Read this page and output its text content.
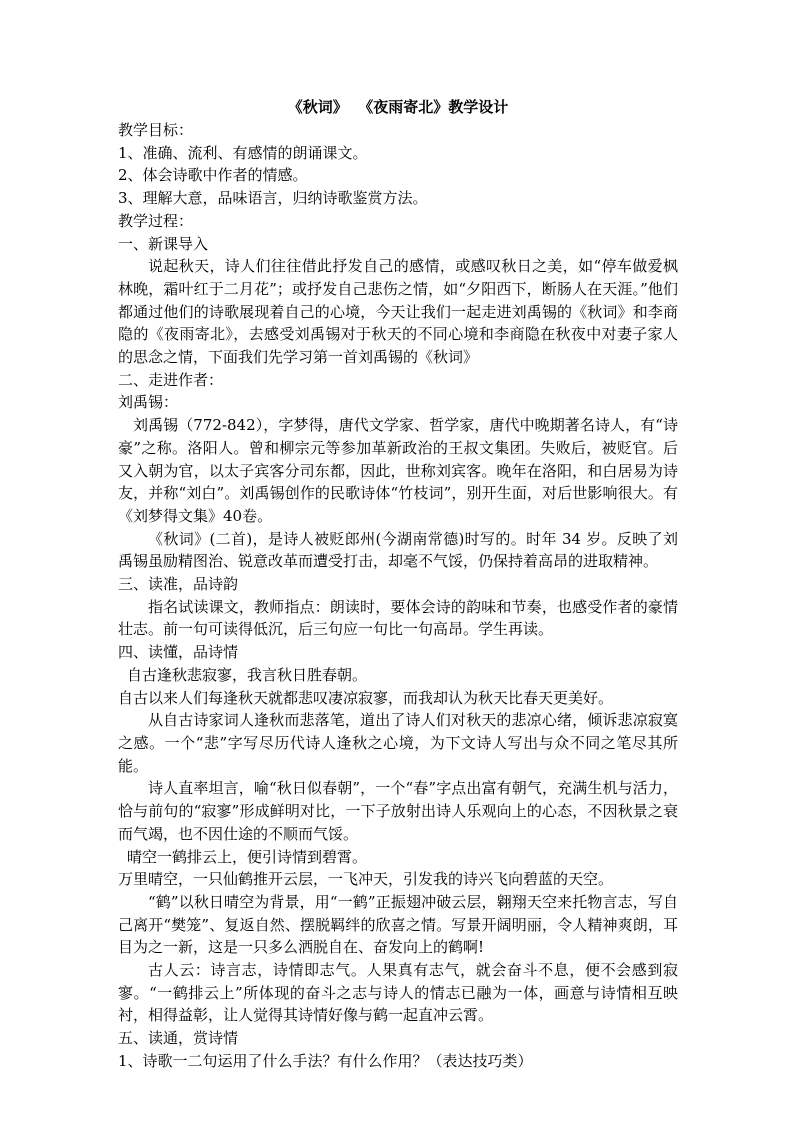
《秋词》  《夜雨寄北》教学设计
教学目标：
1、准确、流利、有感情的朗诵课文。
2、体会诗歌中作者的情感。
3、理解大意，品味语言，归纳诗歌鉴赏方法。
教学过程：
一、新课导入
说起秋天，诗人们往往借此抒发自己的感情，或感叹秋日之美，如“停车做爱枫林晚，霜叶红于二月花”；或抒发自己悲伤之情，如“夕阳西下，断肠人在天涯。”他们都通过他们的诗歌展现着自己的心境，今天让我们一起走进刘禹锡的《秋词》和李商隐的《夜雨寄北》，去感受刘禹锡对于秋天的不同心境和李商隐在秋夜中对妻子家人的思念之情，下面我们先学习第一首刘禹锡的《秋词》
二、走进作者：
刘禹锡：
刘禹锡（772-842），字梦得，唐代文学家、哲学家，唐代中晚期著名诗人，有“诗豪”之称。洛阳人。曾和柳宗元等参加革新政治的王叔文集团。失败后，被贬官。后又入朝为官，以太子宾客分司东都，因此，世称刘宾客。晚年在洛阳，和白居易为诗友，并称“刘白”。刘禹锡创作的民歌诗体“竹枝词”，别开生面，对后世影响很大。有《刘梦得文集》40卷。
《秋词》(二首)，是诗人被贬郎州(今湖南常德)时写的。时年 34 岁。反映了刘禹锡虽励精图治、锐意改革而遭受打击，却毫不气馁，仍保持着高昂的进取精神。
三、读准，品诗韵
指名试读课文，教师指点：朗读时，要体会诗的韵味和节奏，也感受作者的豪情壮志。前一句可读得低沉，后三句应一句比一句高昂。学生再读。
四、读懂，品诗情
自古逢秋悲寂寥，我言秋日胜春朝。
自古以来人们每逢秋天就都悲叹凄凉寂寥，而我却认为秋天比春天更美好。
从自古诗家词人逢秋而悲落笔，道出了诗人们对秋天的悲凉心绪，倾诉悲凉寂寞之感。一个“悲”字写尽历代诗人逢秋之心境，为下文诗人写出与众不同之笔尽其所能。
诗人直率坦言，喻“秋日似春朝”，一个“春”字点出富有朝气，充满生机与活力，恰与前句的“寂寥”形成鲜明对比，一下子放射出诗人乐观向上的心态，不因秋景之衰而气竭，也不因仕途的不顺而气馁。
晴空一鹤排云上，便引诗情到碧霄。
万里晴空，一只仙鹤推开云层，一飞冲天，引发我的诗兴飞向碧蓝的天空。
“鹤”以秋日晴空为背景，用“一鹤”正振翅冲破云层，翱翔天空来托物言志，写自己离开“樊笼”、复返自然、摆脱羁绊的欣喜之情。写景开阔明丽，令人精神爽朗，耳目为之一新，这是一只多么洒脱自在、奋发向上的鹤啊!
古人云：诗言志，诗情即志气。人果真有志气，就会奋斗不息，便不会感到寂寥。“一鹤排云上”所体现的奋斗之志与诗人的情志已融为一体，画意与诗情相互映衬，相得益彰，让人觉得其诗情好像与鹤一起直冲云霄。
五、读通，赏诗情
1、诗歌一二句运用了什么手法？有什么作用？（表达技巧类）
